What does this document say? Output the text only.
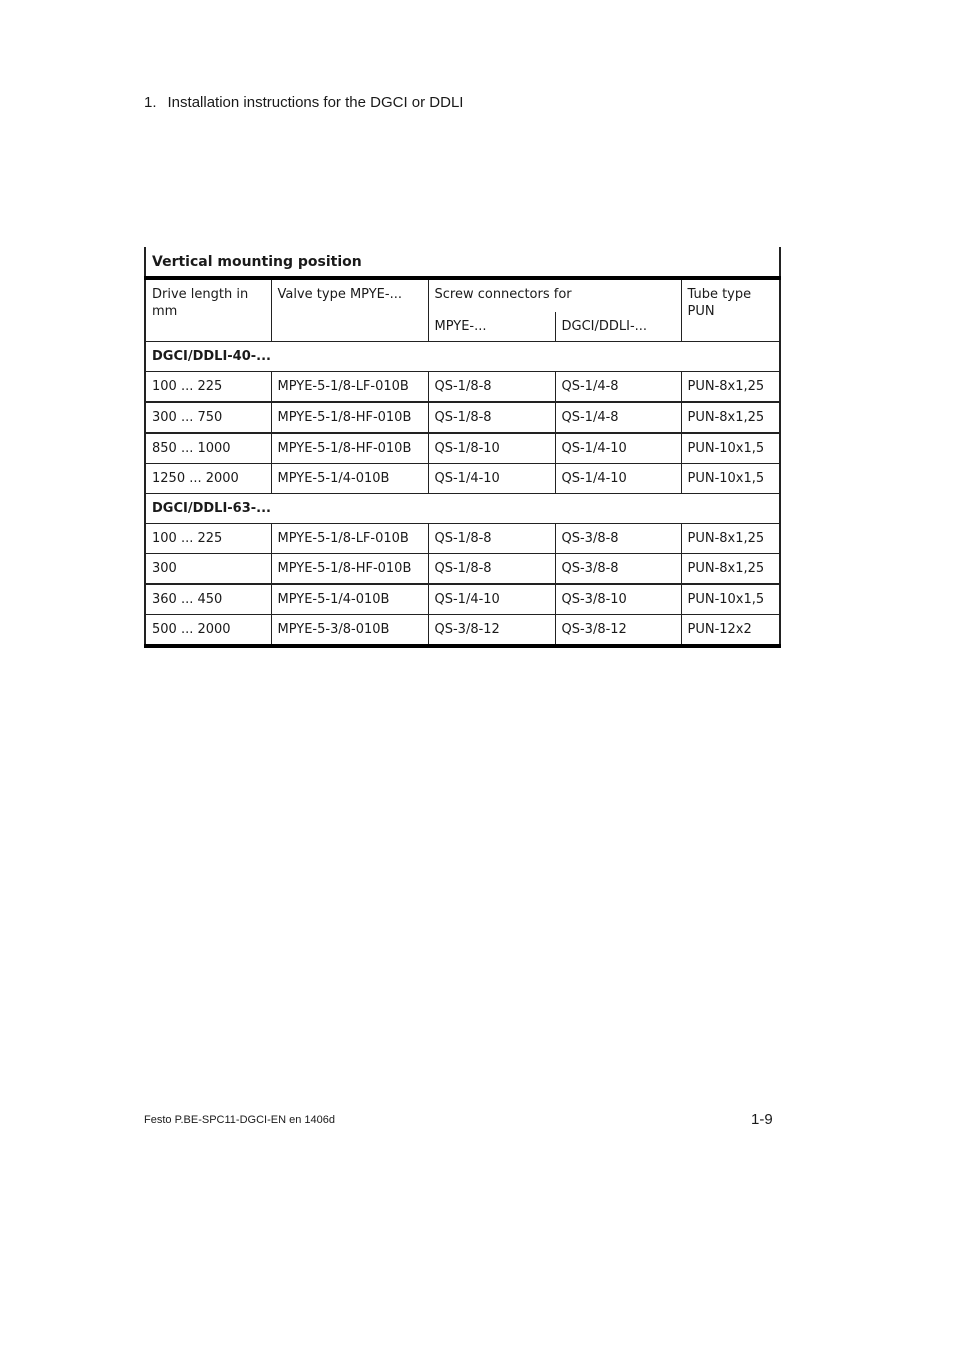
1. Installation instructions for the DGCI or DDLI
Vertical mounting position				
Drive length in mm	Valve type MPYE-...	Screw connectors for		Tube type PUN
		MPYE-...	DGCI/DDLI-...	
DGCI/DDLI-40-...				
100 ... 225	MPYE-5-1/8-LF-010B	QS-1/8-8	QS-1/4-8	PUN-8x1,25
300 ... 750	MPYE-5-1/8-HF-010B	QS-1/8-8	QS-1/4-8	PUN-8x1,25
850 ... 1000	MPYE-5-1/8-HF-010B	QS-1/8-10	QS-1/4-10	PUN-10x1,5
1250 ... 2000	MPYE-5-1/4-010B	QS-1/4-10	QS-1/4-10	PUN-10x1,5
DGCI/DDLI-63-...				
100 ... 225	MPYE-5-1/8-LF-010B	QS-1/8-8	QS-3/8-8	PUN-8x1,25
300	MPYE-5-1/8-HF-010B	QS-1/8-8	QS-3/8-8	PUN-8x1,25
360 ... 450	MPYE-5-1/4-010B	QS-1/4-10	QS-3/8-10	PUN-10x1,5
500 ... 2000	MPYE-5-3/8-010B	QS-3/8-12	QS-3/8-12	PUN-12x2
Festo P.BE-SPC11-DGCI-EN en 1406d	1-9
